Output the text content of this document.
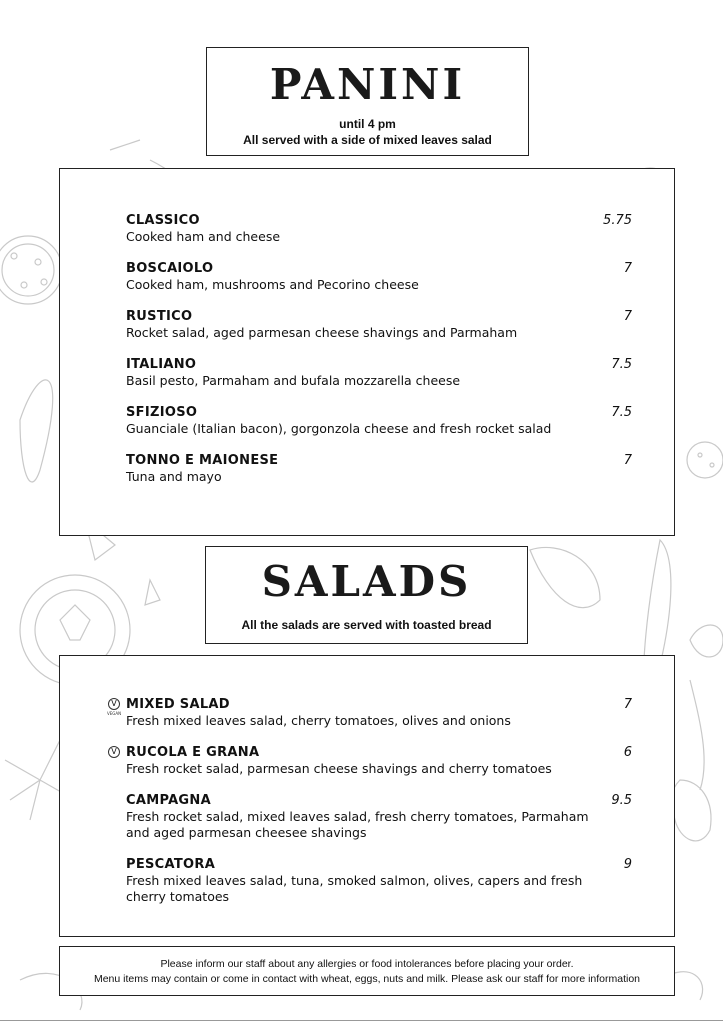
PANINI
until 4 pm
All served with a side of mixed leaves salad
CLASSICO
Cooked ham and cheese
5.75
BOSCAIOLO
Cooked ham, mushrooms and Pecorino cheese
7
RUSTICO
Rocket salad, aged parmesan cheese shavings and Parmaham
7
ITALIANO
Basil pesto, Parmaham and bufala mozzarella cheese
7.5
SFIZIOSO
Guanciale (Italian bacon), gorgonzola cheese and fresh rocket salad
7.5
TONNO E MAIONESE
Tuna and mayo
7
SALADS
All the salads are served with toasted bread
V
VEGAN
MIXED SALAD
Fresh mixed leaves salad, cherry tomatoes, olives and onions
7
V RUCOLA E GRANA
Fresh rocket salad, parmesan cheese shavings and cherry tomatoes
6
CAMPAGNA
Fresh rocket salad, mixed leaves salad, fresh cherry tomatoes, Parmaham and aged parmesan cheesee shavings
9.5
PESCATORA
Fresh mixed leaves salad, tuna, smoked salmon, olives, capers and fresh cherry tomatoes
9
Please inform our staff about any allergies or food intolerances before placing your order.
Menu items may contain or come in contact with wheat, eggs, nuts and milk. Please ask our staff for more information
